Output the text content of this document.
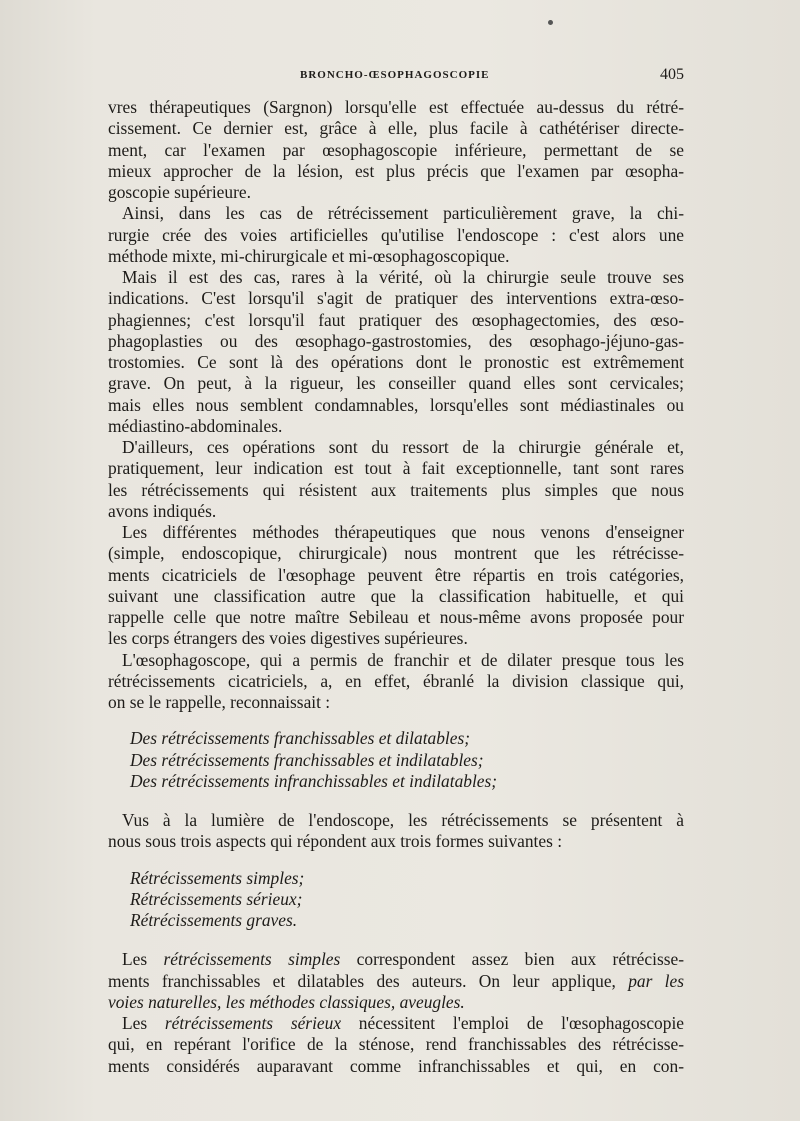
BRONCHO-ŒSOPHAGOSCOPIE	405
vres thérapeutiques (Sargnon) lorsqu'elle est effectuée au-dessus du rétré-
cissement. Ce dernier est, grâce à elle, plus facile à cathétériser directe-
ment, car l'examen par œsophagoscopie inférieure, permettant de se
mieux approcher de la lésion, est plus précis que l'examen par œsopha-
goscopie supérieure.
Ainsi, dans les cas de rétrécissement particulièrement grave, la chi-
rurgie crée des voies artificielles qu'utilise l'endoscope : c'est alors une
méthode mixte, mi-chirurgicale et mi-œsophagoscopique.
Mais il est des cas, rares à la vérité, où la chirurgie seule trouve ses
indications. C'est lorsqu'il s'agit de pratiquer des interventions extra-œso-
phagiennes; c'est lorsqu'il faut pratiquer des œsophagectomies, des œso-
phagoplasties ou des œsophago-gastrostomies, des œsophago-jéjuno-gas-
trostomies. Ce sont là des opérations dont le pronostic est extrêmement
grave. On peut, à la rigueur, les conseiller quand elles sont cervicales;
mais elles nous semblent condamnables, lorsqu'elles sont médiastinales ou
médiastino-abdominales.
D'ailleurs, ces opérations sont du ressort de la chirurgie générale et,
pratiquement, leur indication est tout à fait exceptionnelle, tant sont rares
les rétrécissements qui résistent aux traitements plus simples que nous
avons indiqués.
Les différentes méthodes thérapeutiques que nous venons d'enseigner
(simple, endoscopique, chirurgicale) nous montrent que les rétrécisse-
ments cicatriciels de l'œsophage peuvent être répartis en trois catégories,
suivant une classification autre que la classification habituelle, et qui
rappelle celle que notre maître Sebileau et nous-même avons proposée pour
les corps étrangers des voies digestives supérieures.
L'œsophagoscope, qui a permis de franchir et de dilater presque tous les
rétrécissements cicatriciels, a, en effet, ébranlé la division classique qui,
on se le rappelle, reconnaissait :
Des rétrécissements franchissables et dilatables;
Des rétrécissements franchissables et indilatables;
Des rétrécissements infranchissables et indilatables;
Vus à la lumière de l'endoscope, les rétrécissements se présentent à
nous sous trois aspects qui répondent aux trois formes suivantes :
Rétrécissements simples;
Rétrécissements sérieux;
Rétrécissements graves.
Les rétrécissements simples correspondent assez bien aux rétrécisse-
ments franchissables et dilatables des auteurs. On leur applique, par les
voies naturelles, les méthodes classiques, aveugles.
Les rétrécissements sérieux nécessitent l'emploi de l'œsophagoscopie
qui, en repérant l'orifice de la sténose, rend franchissables des rétrécisse-
ments considérés auparavant comme infranchissables et qui, en con-
